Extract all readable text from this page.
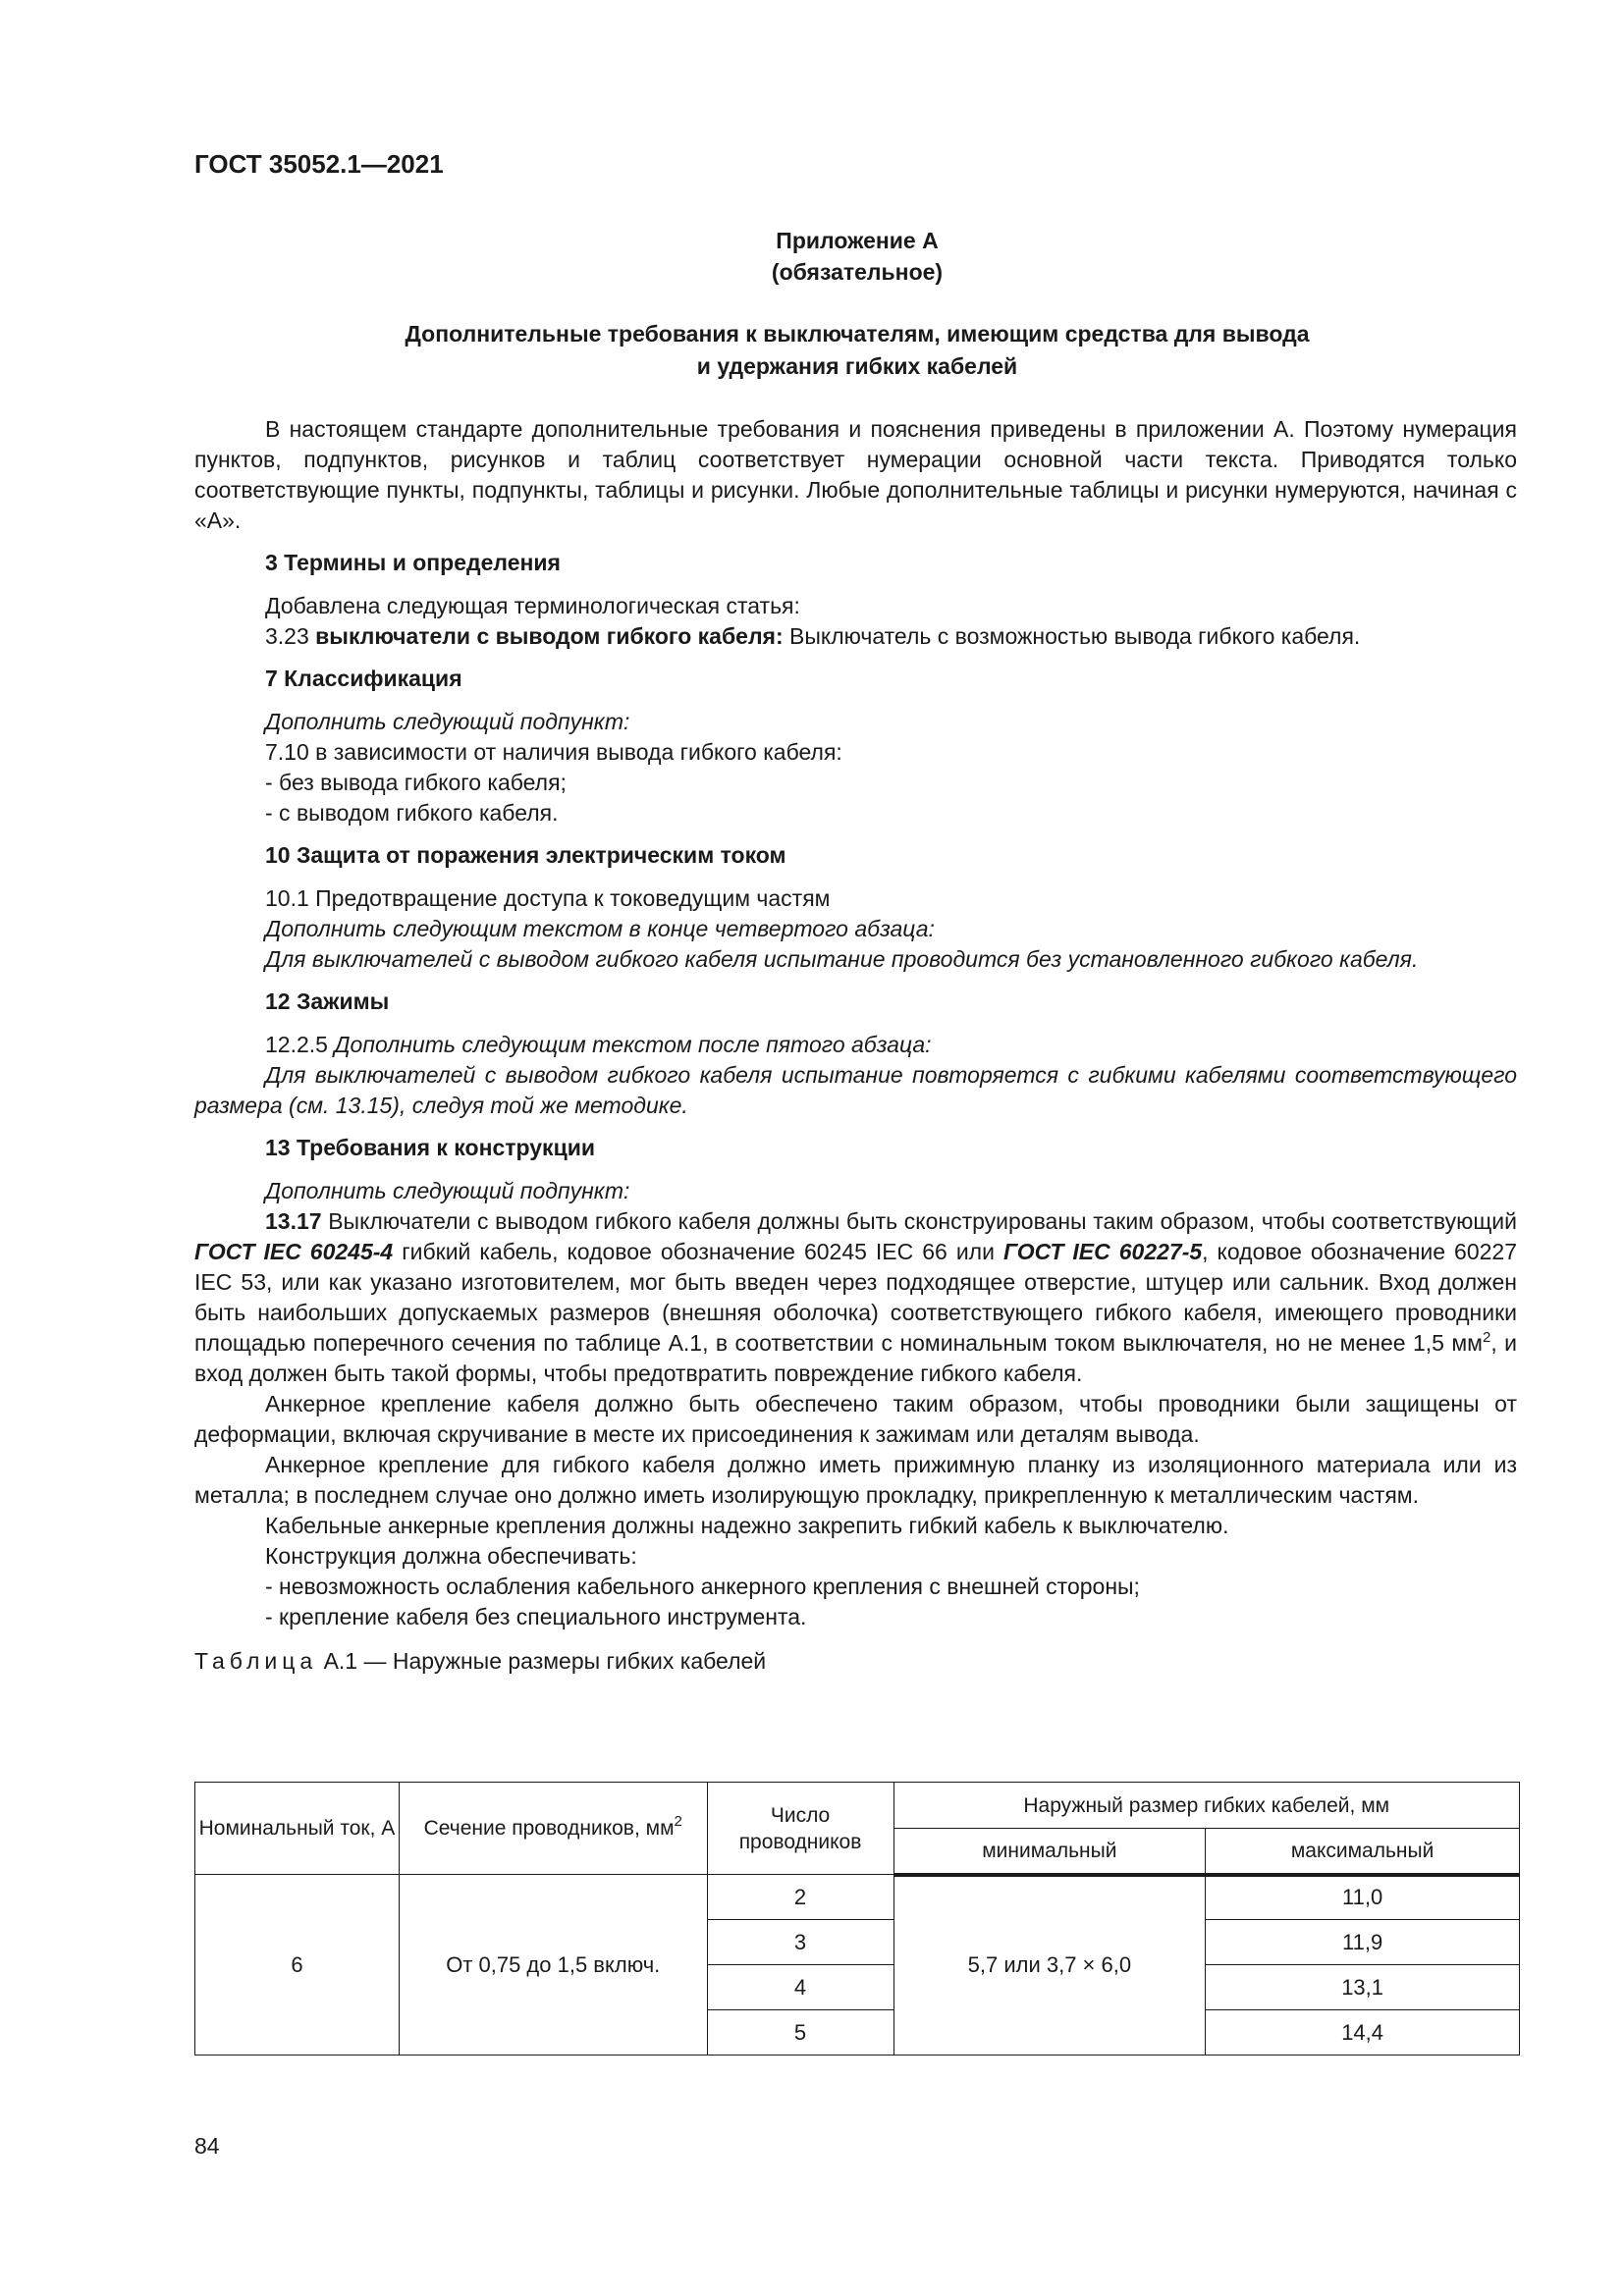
ГОСТ 35052.1—2021
Приложение А
(обязательное)
Дополнительные требования к выключателям, имеющим средства для вывода
и удержания гибких кабелей

В настоящем стандарте дополнительные требования и пояснения приведены в приложении А. Поэтому нумерация пунктов, подпунктов, рисунков и таблиц соответствует нумерации основной части текста. Приводятся только соответствующие пункты, подпункты, таблицы и рисунки. Любые дополнительные таблицы и рисунки нумеруются, начиная с «А».

3 Термины и определения

Добавлена следующая терминологическая статья:

3.23 выключатели с выводом гибкого кабеля: Выключатель с возможностью вывода гибкого кабеля.

7 Классификация

Дополнить следующий подпункт:

7.10 в зависимости от наличия вывода гибкого кабеля:

- без вывода гибкого кабеля;

- с выводом гибкого кабеля.

10 Защита от поражения электрическим током

10.1 Предотвращение доступа к токоведущим частям

Дополнить следующим текстом в конце четвертого абзаца:

Для выключателей с выводом гибкого кабеля испытание проводится без установленного гибкого кабеля.

12 Зажимы

12.2.5 Дополнить следующим текстом после пятого абзаца:

Для выключателей с выводом гибкого кабеля испытание повторяется с гибкими кабелями соответствующего размера (см. 13.15), следуя той же методике.

13 Требования к конструкции

Дополнить следующий подпункт:

13.17 Выключатели с выводом гибкого кабеля должны быть сконструированы таким образом, чтобы соответствующий ГОСТ IEC 60245-4 гибкий кабель, кодовое обозначение 60245 IEC 66 или ГОСТ IEC 60227-5, кодовое обозначение 60227 IEC 53, или как указано изготовителем, мог быть введен через подходящее отверстие, штуцер или сальник. Вход должен быть наибольших допускаемых размеров (внешняя оболочка) соответствующего гибкого кабеля, имеющего проводники площадью поперечного сечения по таблице А.1, в соответствии с номинальным током выключателя, но не менее 1,5 $мм^2$, и вход должен быть такой формы, чтобы предотвратить повреждение гибкого кабеля.

Анкерное крепление кабеля должно быть обеспечено таким образом, чтобы проводники были защищены от деформации, включая скручивание в месте их присоединения к зажимам или деталям вывода.

Анкерное крепление для гибкого кабеля должно иметь прижимную планку из изоляционного материала или из металла; в последнем случае оно должно иметь изолирующую прокладку, прикрепленную к металлическим частям.

Кабельные анкерные крепления должны надежно закрепить гибкий кабель к выключателю.

Конструкция должна обеспечивать:

- невозможность ослабления кабельного анкерного крепления с внешней стороны;

- крепление кабеля без специального инструмента.

Таблица А.1 — Наружные размеры гибких кабелей

Номинальный ток, А	Сечение проводников, $мм^2$	Число проводников	Наружный размер гибких кабелей, мм	
			минимальный	максимальный
6	От 0,75 до 1,5 включ.	2	5,7 или 3,7 × 6,0	11,0
		3		11,9
		4		13,1
		5		14,4
84
